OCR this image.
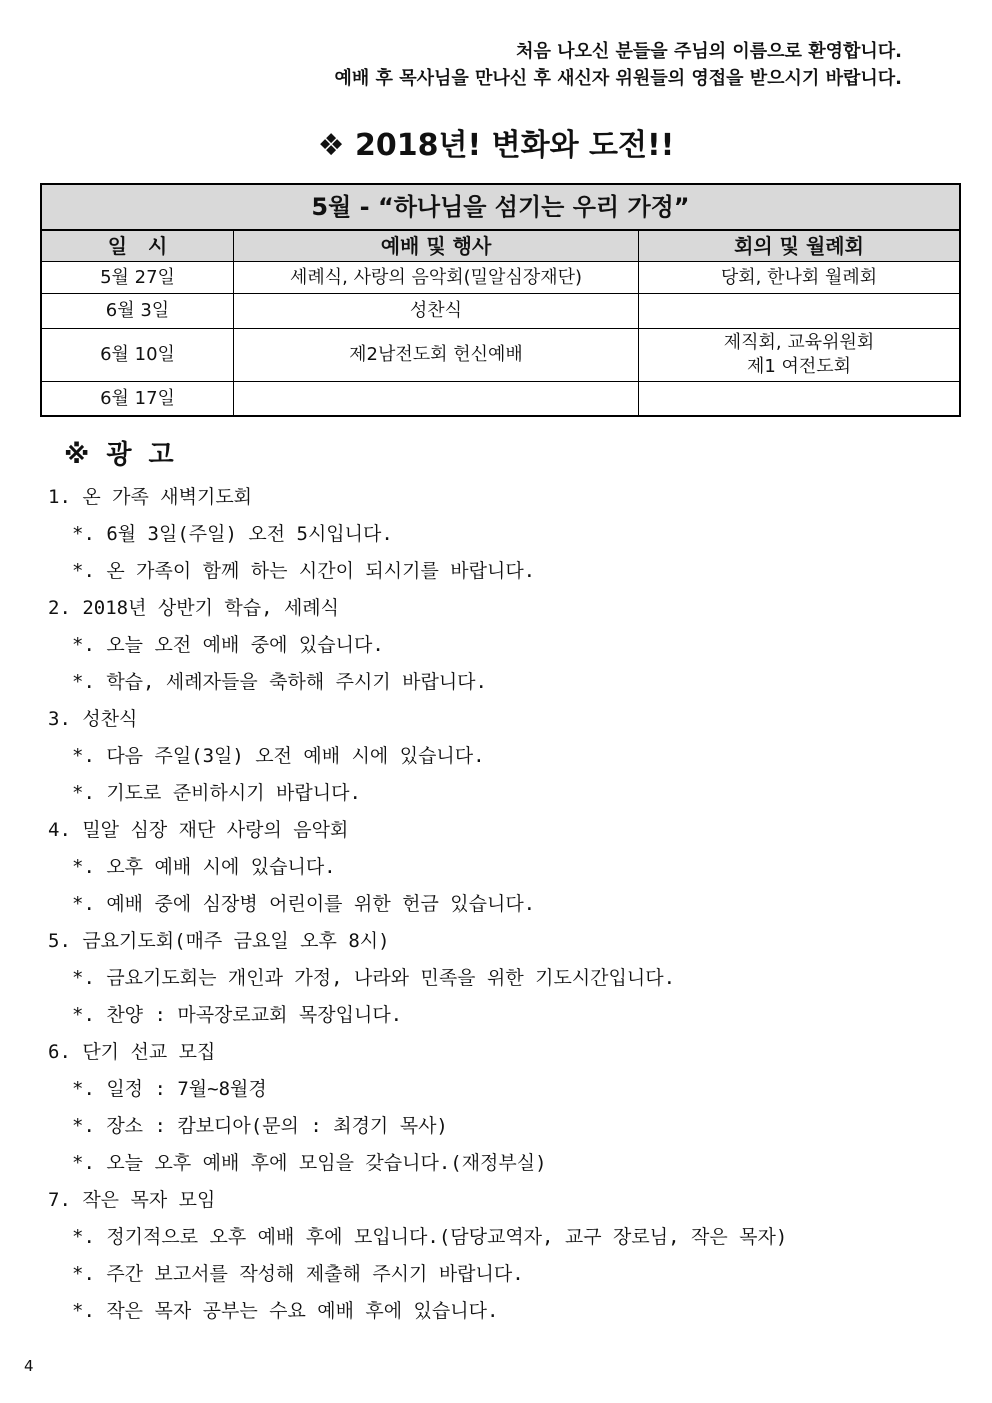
처음 나오신 분들을 주님의 이름으로 환영합니다.
예배 후 목사님을 만나신 후 새신자 위원들의 영접을 받으시기 바랍니다.
❖ 2018년! 변화와 도전!!
5월 - “하나님을 섬기는 우리 가정”		
일   시	예배 및 행사	회의 및 월례회
5월 27일	세례식, 사랑의 음악회(밀알심장재단)	당회, 한나회 월례회

6월 3일	성찬식	

6월 10일	제2남전도회 헌신예배	제직회, 교육위원회
제1 여전도회

6월 17일		
※ 광 고
1. 온 가족 새벽기도회
*. 6월 3일(주일) 오전 5시입니다.
*. 온 가족이 함께 하는 시간이 되시기를 바랍니다.
2. 2018년 상반기 학습, 세례식
*. 오늘 오전 예배 중에 있습니다.
*. 학습, 세례자들을 축하해 주시기 바랍니다.
3. 성찬식
*. 다음 주일(3일) 오전 예배 시에 있습니다.
*. 기도로 준비하시기 바랍니다.
4. 밀알 심장 재단 사랑의 음악회
*. 오후 예배 시에 있습니다.
*. 예배 중에 심장병 어린이를 위한 헌금 있습니다.
5. 금요기도회(매주 금요일 오후 8시)
*. 금요기도회는 개인과 가정, 나라와 민족을 위한 기도시간입니다.
*. 찬양 : 마곡장로교회 목장입니다.
6. 단기 선교 모집
*. 일정 : 7월~8월경
*. 장소 : 캄보디아(문의 : 최경기 목사)
*. 오늘 오후 예배 후에 모임을 갖습니다.(재정부실)
7. 작은 목자 모임
*. 정기적으로 오후 예배 후에 모입니다.(담당교역자, 교구 장로님, 작은 목자)
*. 주간 보고서를 작성해 제출해 주시기 바랍니다.
*. 작은 목자 공부는 수요 예배 후에 있습니다.
4
